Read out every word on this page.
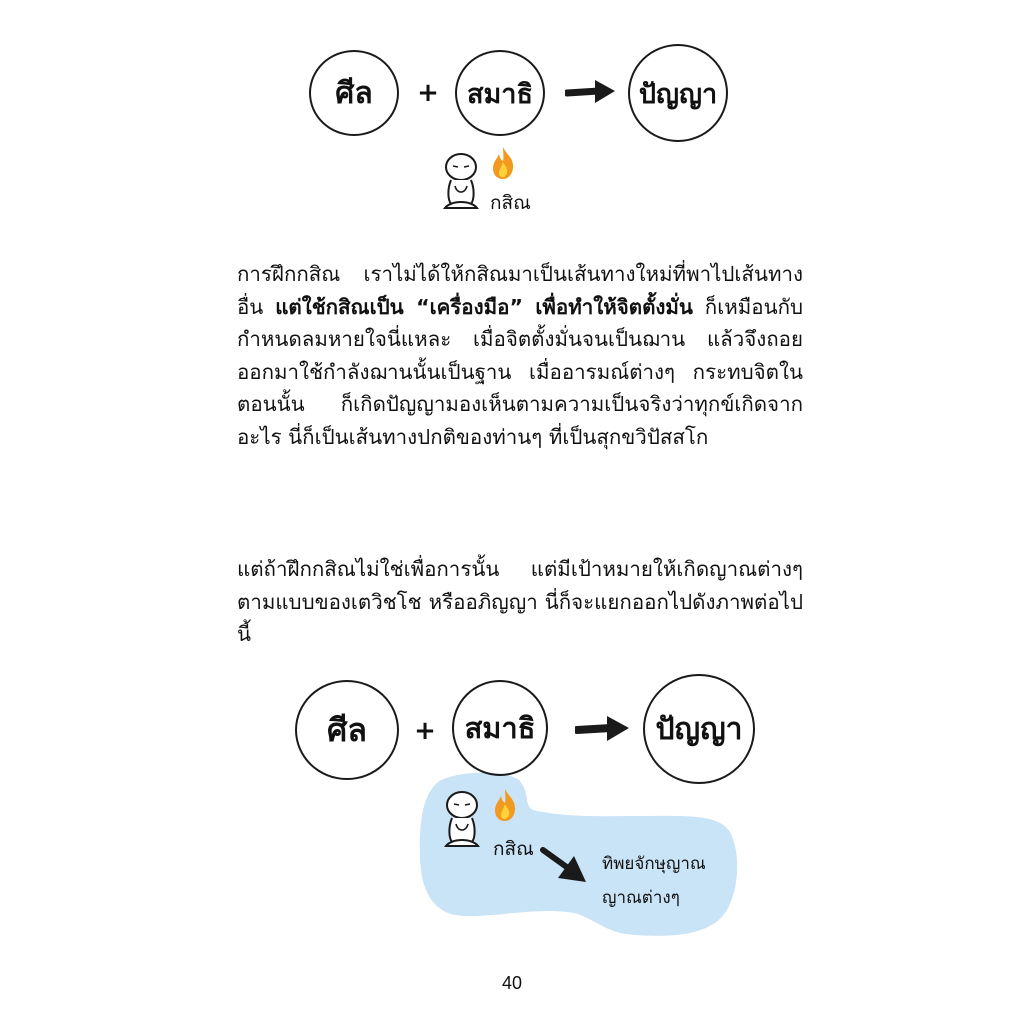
ศีล + สมาธิ	ปัญญา
กสิณ

การฝึกกสิณ เราไม่ได้ให้กสิณมาเป็นเส้นทางใหม่ที่พาไปเส้นทางอื่น แต่ใช้กสิณเป็น “เครื่องมือ” เพื่อทำให้จิตตั้งมั่น ก็เหมือนกับกำหนดลมหายใจนี่แหละ เมื่อจิตตั้งมั่นจนเป็นฌาน แล้วจึงถอยออกมาใช้กำลังฌานนั้นเป็นฐาน เมื่ออารมณ์ต่างๆ กระทบจิตในตอนนั้น ก็เกิดปัญญามองเห็นตามความเป็นจริงว่าทุกข์เกิดจากอะไร นี่ก็เป็นเส้นทางปกติของท่านๆ ที่เป็นสุกขวิปัสสโก

แต่ถ้าฝึกกสิณไม่ใช่เพื่อการนั้น แต่มีเป้าหมายให้เกิดญาณต่างๆ ตามแบบของเตวิชโช หรืออภิญญา นี่ก็จะแยกออกไปดังภาพต่อไปนี้

ศีล + สมาธิ	ปัญญา
กสิณ
ทิพยจักษุญาณ
ญาณต่างๆ
40
